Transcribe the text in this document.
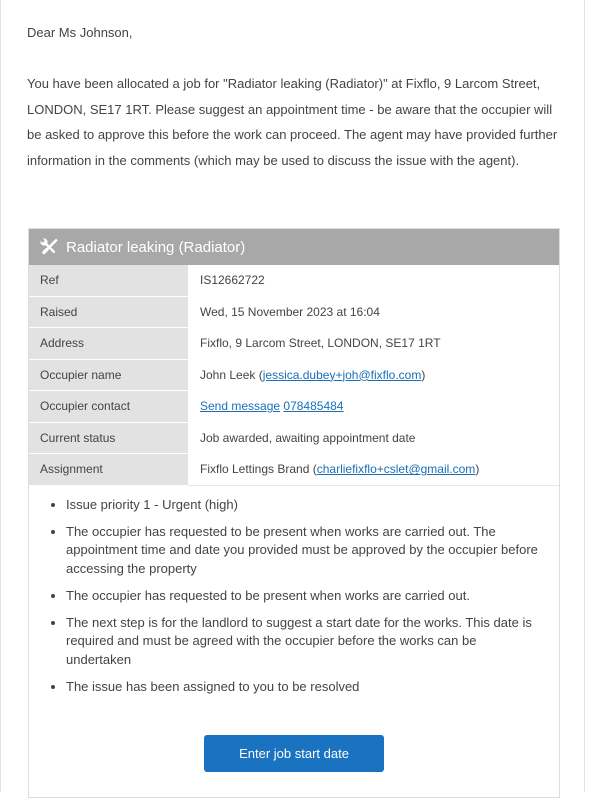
Dear Ms Johnson,
You have been allocated a job for "Radiator leaking (Radiator)" at Fixflo, 9 Larcom Street, LONDON, SE17 1RT. Please suggest an appointment time - be aware that the occupier will be asked to approve this before the work can proceed. The agent may have provided further information in the comments (which may be used to discuss the issue with the agent).
Radiator leaking (Radiator)
Ref	IS12662722
Raised	Wed, 15 November 2023 at 16:04
Address	Fixflo, 9 Larcom Street, LONDON, SE17 1RT
Occupier name	John Leek (jessica.dubey+joh@fixflo.com)
Occupier contact	Send message 078485484
Current status	Job awarded, awaiting appointment date
Assignment	Fixflo Lettings Brand (charliefixflo+cslet@gmail.com)
• Issue priority 1 - Urgent (high)
• The occupier has requested to be present when works are carried out. The appointment time and date you provided must be approved by the occupier before accessing the property
• The occupier has requested to be present when works are carried out.
• The next step is for the landlord to suggest a start date for the works. This date is required and must be agreed with the occupier before the works can be undertaken
• The issue has been assigned to you to be resolved
Enter job start date
